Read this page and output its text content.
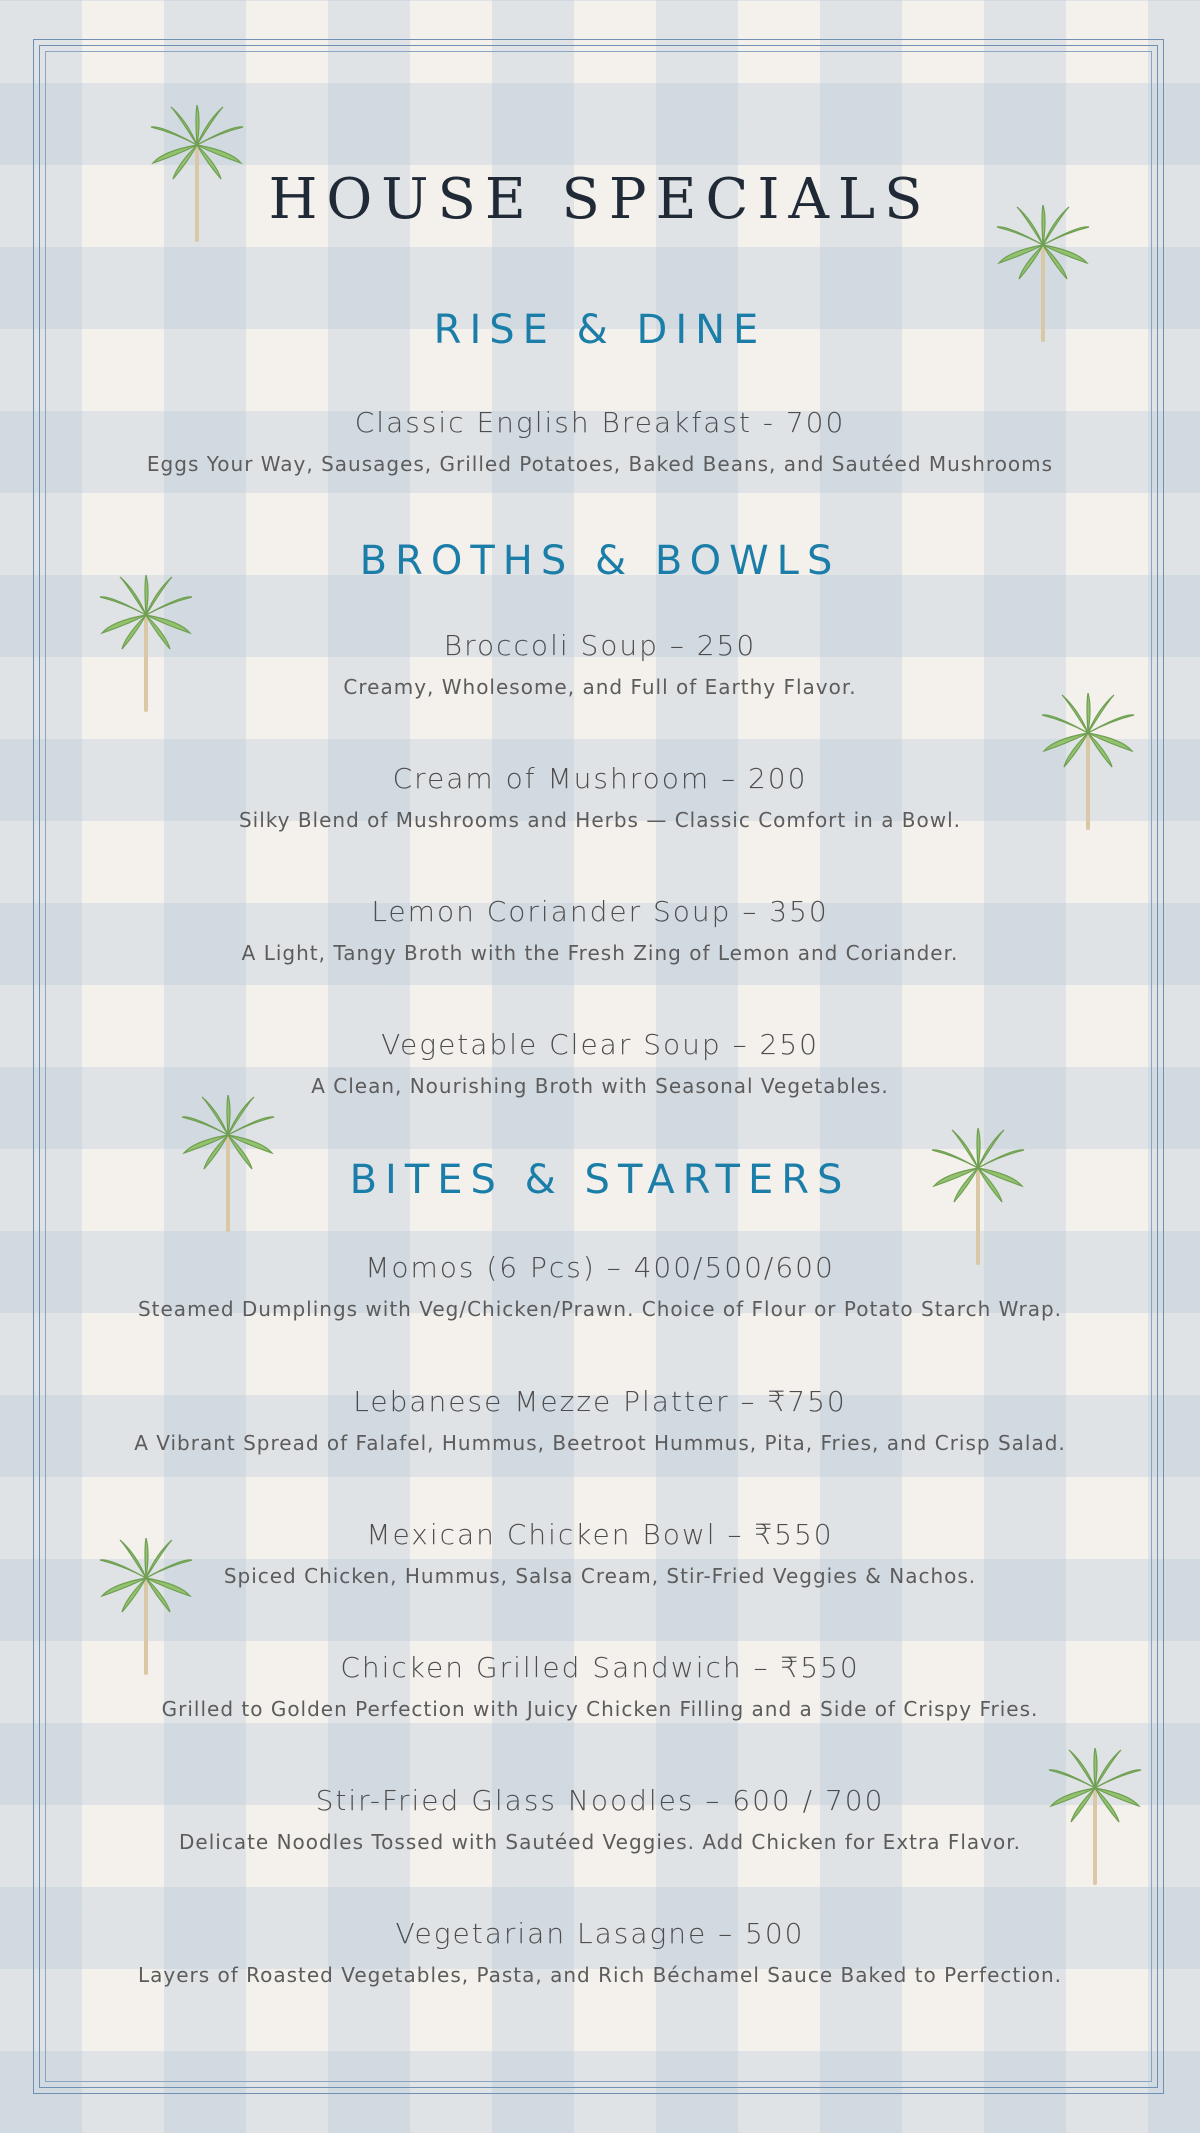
HOUSE SPECIALS
RISE & DINE
Classic English Breakfast - 700
Eggs Your Way, Sausages, Grilled Potatoes, Baked Beans, and Sautéed Mushrooms
BROTHS & BOWLS
Broccoli Soup – 250
Creamy, Wholesome, and Full of Earthy Flavor.
Cream of Mushroom – 200
Silky Blend of Mushrooms and Herbs — Classic Comfort in a Bowl.
Lemon Coriander Soup – 350
A Light, Tangy Broth with the Fresh Zing of Lemon and Coriander.
Vegetable Clear Soup – 250
A Clean, Nourishing Broth with Seasonal Vegetables.
BITES & STARTERS
Momos (6 Pcs) – 400/500/600
Steamed Dumplings with Veg/Chicken/Prawn. Choice of Flour or Potato Starch Wrap.
Lebanese Mezze Platter – ₹750
A Vibrant Spread of Falafel, Hummus, Beetroot Hummus, Pita, Fries, and Crisp Salad.
Mexican Chicken Bowl – ₹550
Spiced Chicken, Hummus, Salsa Cream, Stir-Fried Veggies & Nachos.
Chicken Grilled Sandwich – ₹550
Grilled to Golden Perfection with Juicy Chicken Filling and a Side of Crispy Fries.
Stir-Fried Glass Noodles – 600 / 700
Delicate Noodles Tossed with Sautéed Veggies. Add Chicken for Extra Flavor.
Vegetarian Lasagne – 500
Layers of Roasted Vegetables, Pasta, and Rich Béchamel Sauce Baked to Perfection.
